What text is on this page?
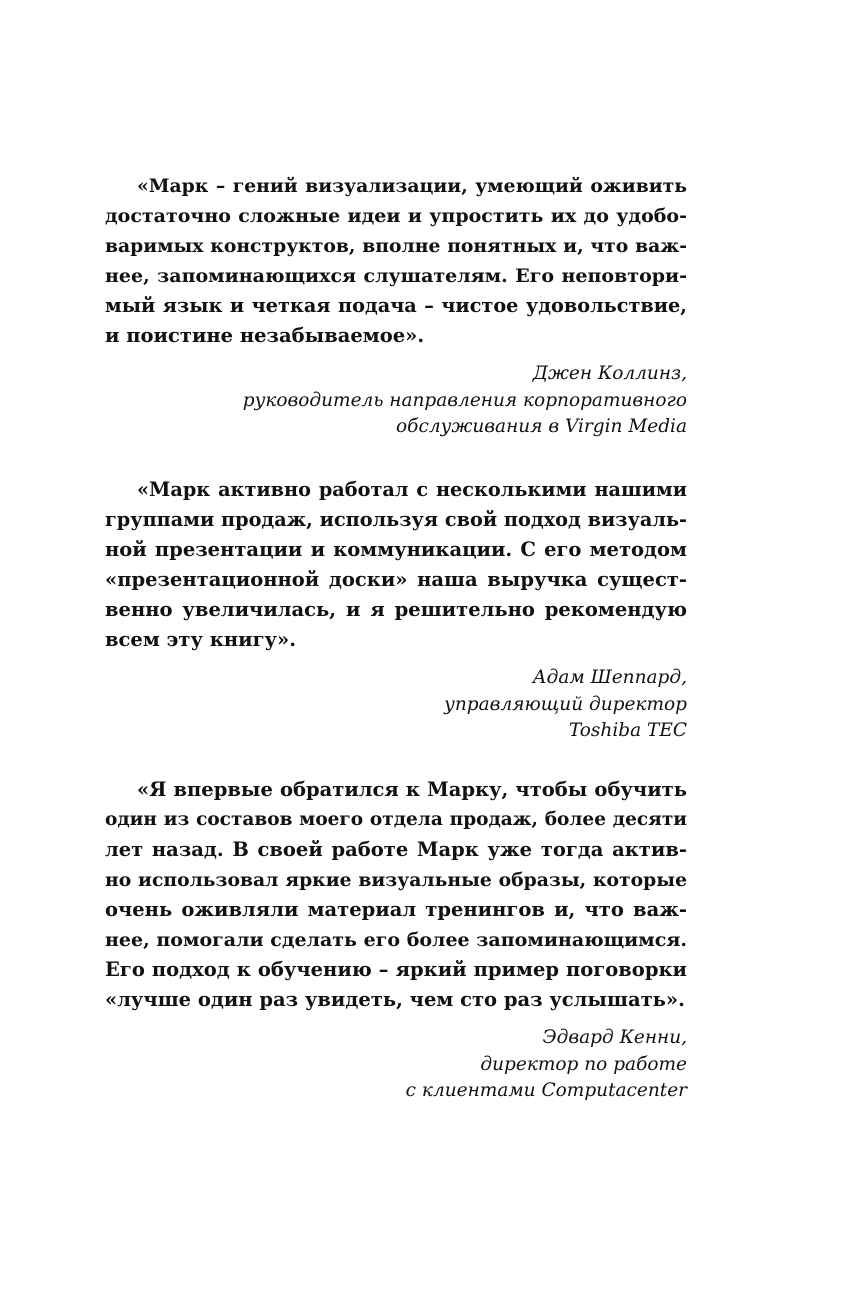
«Марк – гений визуализации, умеющий оживить
достаточно сложные идеи и упростить их до удобо-
варимых конструктов, вполне понятных и, что важ-
нее, запоминающихся слушателям. Его неповтори-
мый язык и четкая подача – чистое удовольствие,
и поистине незабываемое».
Джен Коллинз,
руководитель направления корпоративного
обслуживания в Virgin Media
«Марк активно работал с несколькими нашими
группами продаж, используя свой подход визуаль-
ной презентации и коммуникации. С его методом
«презентационной доски» наша выручка сущест-
венно увеличилась, и я решительно рекомендую
всем эту книгу».
Адам Шеппард,
управляющий директор
Toshiba TEC
«Я впервые обратился к Марку, чтобы обучить
один из составов моего отдела продаж, более десяти
лет назад. В своей работе Марк уже тогда актив-
но использовал яркие визуальные образы, которые
очень оживляли материал тренингов и, что важ-
нее, помогали сделать его более запоминающимся.
Его подход к обучению – яркий пример поговорки
«лучше один раз увидеть, чем сто раз услышать».
Эдвард Кенни,
директор по работе
с клиентами Computacenter
